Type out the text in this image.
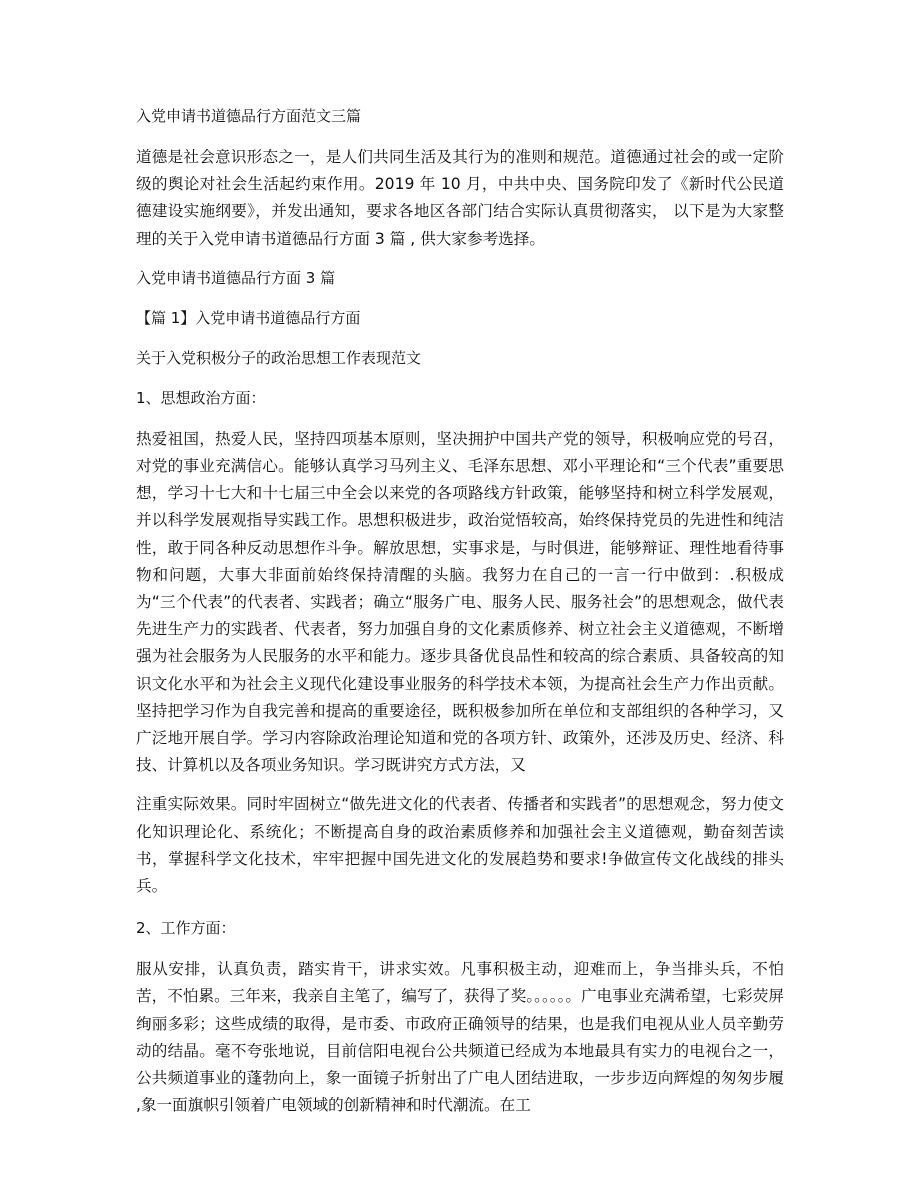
入党申请书道德品行方面范文三篇
道德是社会意识形态之一，是人们共同生活及其行为的准则和规范。道德通过社会的或一定阶级的舆论对社会生活起约束作用。2019 年 10 月，中共中央、国务院印发了《新时代公民道德建设实施纲要》，并发出通知，要求各地区各部门结合实际认真贯彻落实， 以下是为大家整理的关于入党申请书道德品行方面 3 篇 , 供大家参考选择。
入党申请书道德品行方面 3 篇
【篇 1】入党申请书道德品行方面
关于入党积极分子的政治思想工作表现范文
1、思想政治方面：
热爱祖国，热爱人民，坚持四项基本原则，坚决拥护中国共产党的领导，积极响应党的号召，对党的事业充满信心。能够认真学习马列主义、毛泽东思想、邓小平理论和“三个代表”重要思想，学习十七大和十七届三中全会以来党的各项路线方针政策，能够坚持和树立科学发展观，并以科学发展观指导实践工作。思想积极进步，政治觉悟较高，始终保持党员的先进性和纯洁性，敢于同各种反动思想作斗争。解放思想，实事求是，与时俱进，能够辩证、理性地看待事物和问题，大事大非面前始终保持清醒的头脑。我努力在自己的一言一行中做到：.积极成为“三个代表”的代表者、实践者；确立“服务广电、服务人民、服务社会”的思想观念，做代表先进生产力的实践者、代表者，努力加强自身的文化素质修养、树立社会主义道德观，不断增强为社会服务为人民服务的水平和能力。逐步具备优良品性和较高的综合素质、具备较高的知识文化水平和为社会主义现代化建设事业服务的科学技术本领，为提高社会生产力作出贡献。坚持把学习作为自我完善和提高的重要途径，既积极参加所在单位和支部组织的各种学习，又广泛地开展自学。学习内容除政治理论知道和党的各项方针、政策外，还涉及历史、经济、科技、计算机以及各项业务知识。学习既讲究方式方法，又
注重实际效果。同时牢固树立“做先进文化的代表者、传播者和实践者”的思想观念，努力使文化知识理论化、系统化；不断提高自身的政治素质修养和加强社会主义道德观，勤奋刻苦读书，掌握科学文化技术，牢牢把握中国先进文化的发展趋势和要求!争做宣传文化战线的排头兵。
2、工作方面：
服从安排，认真负责，踏实肯干，讲求实效。凡事积极主动，迎难而上，争当排头兵，不怕苦，不怕累。三年来，我亲自主笔了，编写了，获得了奖。。。。。。广电事业充满希望，七彩荧屏绚丽多彩；这些成绩的取得，是市委、市政府正确领导的结果，也是我们电视从业人员辛勤劳动的结晶。毫不夸张地说，目前信阳电视台公共频道已经成为本地最具有实力的电视台之一，公共频道事业的蓬勃向上，象一面镜子折射出了广电人团结进取，一步步迈向辉煌的匆匆步履 ,象一面旗帜引领着广电领域的创新精神和时代潮流。在工
